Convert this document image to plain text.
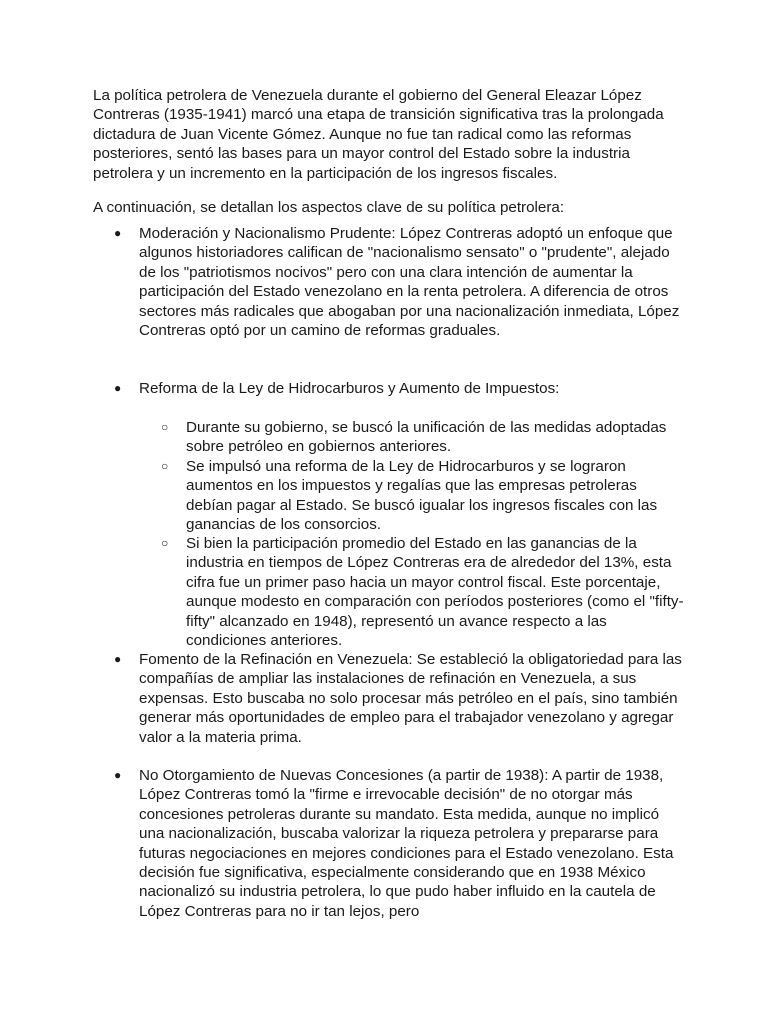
La política petrolera de Venezuela durante el gobierno del General Eleazar López Contreras (1935-1941) marcó una etapa de transición significativa tras la prolongada dictadura de Juan Vicente Gómez. Aunque no fue tan radical como las reformas posteriores, sentó las bases para un mayor control del Estado sobre la industria petrolera y un incremento en la participación de los ingresos fiscales.

A continuación, se detallan los aspectos clave de su política petrolera:

●	Moderación y Nacionalismo Prudente: López Contreras adoptó un enfoque que algunos historiadores califican de "nacionalismo sensato" o "prudente", alejado de los "patriotismos nocivos" pero con una clara intención de aumentar la participación del Estado venezolano en la renta petrolera. A diferencia de otros sectores más radicales que abogaban por una nacionalización inmediata, López Contreras optó por un camino de reformas graduales.

●	Reforma de la Ley de Hidrocarburos y Aumento de Impuestos:

○	Durante su gobierno, se buscó la unificación de las medidas adoptadas sobre petróleo en gobiernos anteriores.

○	Se impulsó una reforma de la Ley de Hidrocarburos y se lograron aumentos en los impuestos y regalías que las empresas petroleras debían pagar al Estado. Se buscó igualar los ingresos fiscales con las ganancias de los consorcios.

○	Si bien la participación promedio del Estado en las ganancias de la industria en tiempos de López Contreras era de alrededor del 13%, esta cifra fue un primer paso hacia un mayor control fiscal. Este porcentaje, aunque modesto en comparación con períodos posteriores (como el "fifty-fifty" alcanzado en 1948), representó un avance respecto a las condiciones anteriores.

●	Fomento de la Refinación en Venezuela: Se estableció la obligatoriedad para las compañías de ampliar las instalaciones de refinación en Venezuela, a sus expensas. Esto buscaba no solo procesar más petróleo en el país, sino también generar más oportunidades de empleo para el trabajador venezolano y agregar valor a la materia prima.

●	No Otorgamiento de Nuevas Concesiones (a partir de 1938): A partir de 1938, López Contreras tomó la "firme e irrevocable decisión" de no otorgar más concesiones petroleras durante su mandato. Esta medida, aunque no implicó una nacionalización, buscaba valorizar la riqueza petrolera y prepararse para futuras negociaciones en mejores condiciones para el Estado venezolano. Esta decisión fue significativa, especialmente considerando que en 1938 México nacionalizó su industria petrolera, lo que pudo haber influido en la cautela de López Contreras para no ir tan lejos, pero
